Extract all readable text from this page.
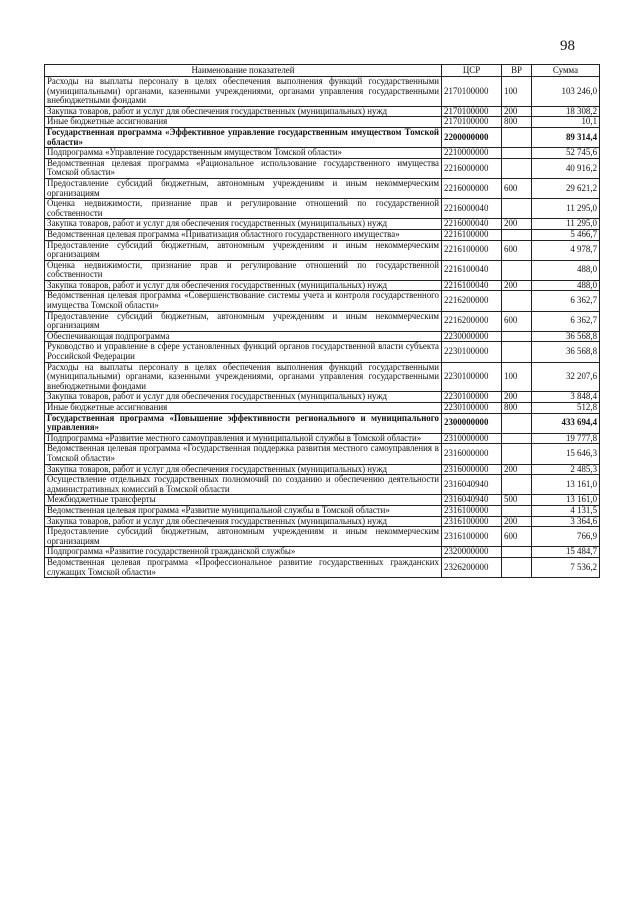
98
Наименование показателей	ЦСР	ВР	Сумма
Расходы на выплаты персоналу в целях обеспечения выполнения функций государственными (муниципальными) органами, казенными учреждениями, органами управления государственными внебюджетными фондами	2170100000	100	103 246,0
Закупка товаров, работ и услуг для обеспечения государственных (муниципальных) нужд	2170100000	200	18 308,2
Иные бюджетные ассигнования	2170100000	800	10,1
Государственная программа «Эффективное управление государственным имуществом Томской области»	2200000000		89 314,4
Подпрограмма «Управление государственным имуществом Томской области»	2210000000		52 745,6
Ведомственная целевая программа «Рациональное использование государственного имущества Томской области»	2216000000		40 916,2
Предоставление субсидий бюджетным, автономным учреждениям и иным некоммерческим организациям	2216000000	600	29 621,2
Оценка недвижимости, признание прав и регулирование отношений по государственной собственности	2216000040		11 295,0
Закупка товаров, работ и услуг для обеспечения государственных (муниципальных) нужд	2216000040	200	11 295,0
Ведомственная целевая программа «Приватизация областного государственного имущества»	2216100000		5 466,7
Предоставление субсидий бюджетным, автономным учреждениям и иным некоммерческим организациям	2216100000	600	4 978,7
Оценка недвижимости, признание прав и регулирование отношений по государственной собственности	2216100040		488,0
Закупка товаров, работ и услуг для обеспечения государственных (муниципальных) нужд	2216100040	200	488,0
Ведомственная целевая программа «Совершенствование системы учета и контроля государственного имущества Томской области»	2216200000		6 362,7
Предоставление субсидий бюджетным, автономным учреждениям и иным некоммерческим организациям	2216200000	600	6 362,7
Обеспечивающая подпрограмма	2230000000		36 568,8
Руководство и управление в сфере установленных функций органов государственной власти субъекта Российской Федерации	2230100000		36 568,8
Расходы на выплаты персоналу в целях обеспечения выполнения функций государственными (муниципальными) органами, казенными учреждениями, органами управления государственными внебюджетными фондами	2230100000	100	32 207,6
Закупка товаров, работ и услуг для обеспечения государственных (муниципальных) нужд	2230100000	200	3 848,4
Иные бюджетные ассигнования	2230100000	800	512,8
Государственная программа «Повышение эффективности регионального и муниципального управления»	2300000000		433 694,4
Подпрограмма «Развитие местного самоуправления и муниципальной службы в Томской области»	2310000000		19 777,8
Ведомственная целевая программа «Государственная поддержка развития местного самоуправления в Томской области»	2316000000		15 646,3
Закупка товаров, работ и услуг для обеспечения государственных (муниципальных) нужд	2316000000	200	2 485,3
Осуществление отдельных государственных полномочий по созданию и обеспечению деятельности административных комиссий в Томской области	2316040940		13 161,0
Межбюджетные трансферты	2316040940	500	13 161,0
Ведомственная целевая программа «Развитие муниципальной службы в Томской области»	2316100000		4 131,5
Закупка товаров, работ и услуг для обеспечения государственных (муниципальных) нужд	2316100000	200	3 364,6
Предоставление субсидий бюджетным, автономным учреждениям и иным некоммерческим организациям	2316100000	600	766,9
Подпрограмма «Развитие государственной гражданской службы»	2320000000		15 484,7
Ведомственная целевая программа «Профессиональное развитие государственных гражданских служащих Томской области»	2326200000		7 536,2
